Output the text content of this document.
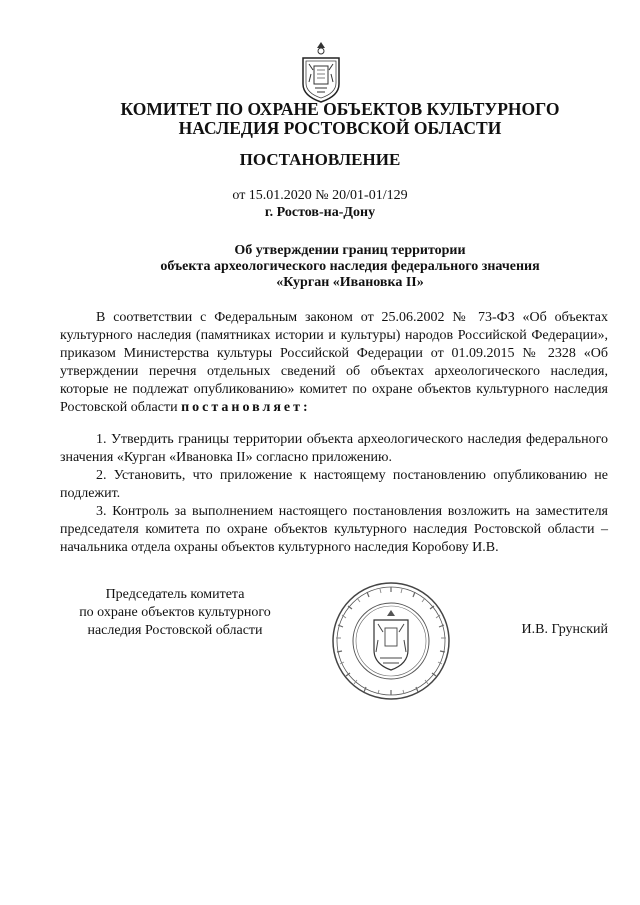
КОМИТЕТ ПО ОХРАНЕ ОБЪЕКТОВ КУЛЬТУРНОГО
НАСЛЕДИЯ РОСТОВСКОЙ ОБЛАСТИ
ПОСТАНОВЛЕНИЕ
от 15.01.2020 № 20/01-01/129
г. Ростов-на-Дону
Об утверждении границ территории
объекта археологического наследия федерального значения
«Курган «Ивановка II»

В соответствии с Федеральным законом от 25.06.2002 № 73-ФЗ «Об объектах культурного наследия (памятниках истории и культуры) народов Российской Федерации», приказом Министерства культуры Российской Федерации от 01.09.2015 № 2328 «Об утверждении перечня отдельных сведений об объектах археологического наследия, которые не подлежат опубликованию» комитет по охране объектов культурного наследия Ростовской области постановляет:

1. Утвердить границы территории объекта археологического наследия федерального значения «Курган «Ивановка II» согласно приложению.

2. Установить, что приложение к настоящему постановлению опубликованию не подлежит.

3. Контроль за выполнением настоящего постановления возложить на заместителя председателя комитета по охране объектов культурного наследия Ростовской области – начальника отдела охраны объектов культурного наследия Коробову И.В.

Председатель комитета
по охране объектов культурного
наследия Ростовской области	И.В. Грунский
